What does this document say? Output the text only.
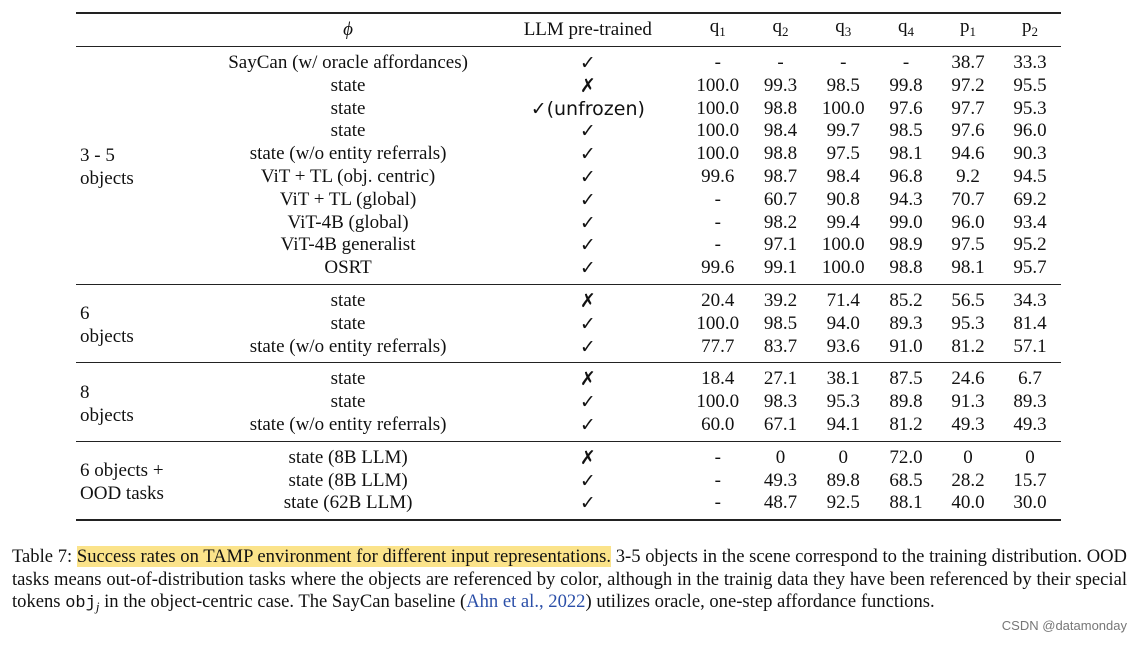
	ϕ	LLM pre-trained	$q_1$	$q_2$	$q_3$	$q_4$	$p_1$	$p_2$

3 - 5
objects	SayCan (w/ oracle affordances)	✓	-	-	-	-	38.7	33.3
	state	✗	100.0	99.3	98.5	99.8	97.2	95.5
	state	✓(unfrozen)	100.0	98.8	100.0	97.6	97.7	95.3
	state	✓	100.0	98.4	99.7	98.5	97.6	96.0
	state (w/o entity referrals)	✓	100.0	98.8	97.5	98.1	94.6	90.3
	ViT + TL (obj. centric)	✓	99.6	98.7	98.4	96.8	9.2	94.5
	ViT + TL (global)	✓	-	60.7	90.8	94.3	70.7	69.2
	ViT-4B (global)	✓	-	98.2	99.4	99.0	96.0	93.4
	ViT-4B generalist	✓	-	97.1	100.0	98.9	97.5	95.2
	OSRT	✓	99.6	99.1	100.0	98.8	98.1	95.7

6
objects	state	✗	20.4	39.2	71.4	85.2	56.5	34.3
	state	✓	100.0	98.5	94.0	89.3	95.3	81.4
	state (w/o entity referrals)	✓	77.7	83.7	93.6	91.0	81.2	57.1

8
objects	state	✗	18.4	27.1	38.1	87.5	24.6	6.7
	state	✓	100.0	98.3	95.3	89.8	91.3	89.3
	state (w/o entity referrals)	✓	60.0	67.1	94.1	81.2	49.3	49.3

6 objects +
OOD tasks	state (8B LLM)	✗	-	0	0	72.0	0	0
	state (8B LLM)	✓	-	49.3	89.8	68.5	28.2	15.7
	state (62B LLM)	✓	-	48.7	92.5	88.1	40.0	30.0
Table 7: Success rates on TAMP environment for different input representations. 3-5 objects in the scene correspond to the training distribution. OOD tasks means out-of-distribution tasks where the objects are referenced by color, although in the trainig data they have been referenced by their special tokens obj$_j$ in the object-centric case. The SayCan baseline (Ahn et al., 2022) utilizes oracle, one-step affordance functions.
CSDN @datamonday
